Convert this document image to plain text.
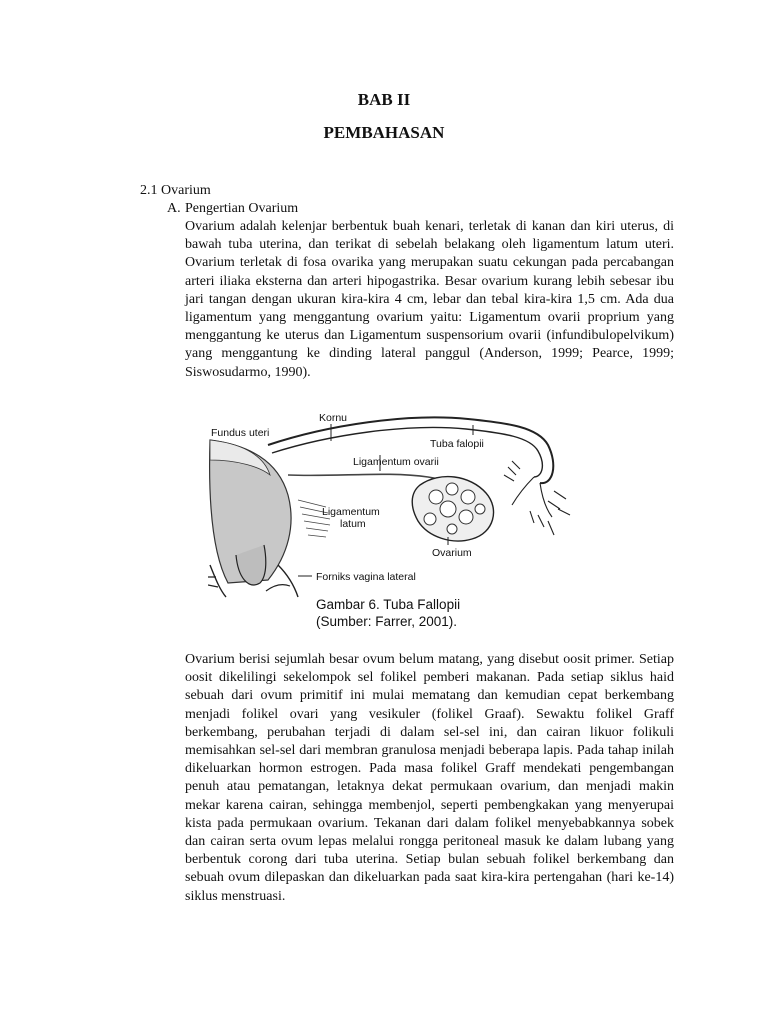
BAB II
PEMBAHASAN
2.1 Ovarium
A. Pengertian Ovarium

Ovarium adalah kelenjar berbentuk buah kenari, terletak di kanan dan kiri uterus, di bawah tuba uterina, dan terikat di sebelah belakang oleh ligamentum latum uteri. Ovarium terletak di fosa ovarika yang merupakan suatu cekungan pada percabangan arteri iliaka eksterna dan arteri hipogastrika. Besar ovarium kurang lebih sebesar ibu jari tangan dengan ukuran kira-kira 4 cm, lebar dan tebal kira-kira 1,5 cm. Ada dua ligamentum yang menggantung ovarium yaitu: Ligamentum ovarii proprium yang menggantung ke uterus dan Ligamentum suspensorium ovarii (infundibulopelvikum) yang menggantung ke dinding lateral panggul (Anderson, 1999; Pearce, 1999; Siswosudarmo, 1990).

Fundus uteri
Kornu
Tuba falopii
Ligamentum ovarii
Ligamentum
latum
Ovarium
Forniks vagina lateral
Gambar 6. Tuba Fallopii
(Sumber: Farrer, 2001).

Ovarium berisi sejumlah besar ovum belum matang, yang disebut oosit primer. Setiap oosit dikelilingi sekelompok sel folikel pemberi makanan. Pada setiap siklus haid sebuah dari ovum primitif ini mulai mematang dan kemudian cepat berkembang menjadi folikel ovari yang vesikuler (folikel Graaf). Sewaktu folikel Graff berkembang, perubahan terjadi di dalam sel-sel ini, dan cairan likuor folikuli memisahkan sel-sel dari membran granulosa menjadi beberapa lapis. Pada tahap inilah dikeluarkan hormon estrogen. Pada masa folikel Graff mendekati pengembangan penuh atau pematangan, letaknya dekat permukaan ovarium, dan menjadi makin mekar karena cairan, sehingga membenjol, seperti pembengkakan yang menyerupai kista pada permukaan ovarium. Tekanan dari dalam folikel menyebabkannya sobek dan cairan serta ovum lepas melalui rongga peritoneal masuk ke dalam lubang yang berbentuk corong dari tuba uterina. Setiap bulan sebuah folikel berkembang dan sebuah ovum dilepaskan dan dikeluarkan pada saat kira-kira pertengahan (hari ke-14) siklus menstruasi.
